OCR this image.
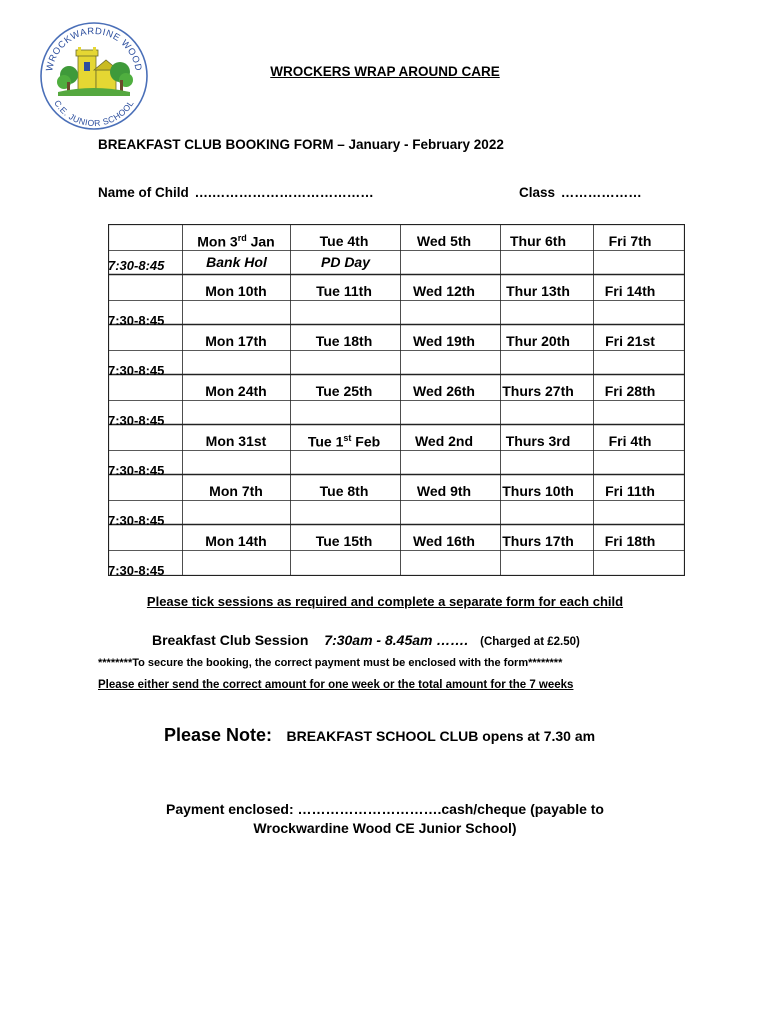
WROCKWARDINE WOOD
C.E. JUNIOR SCHOOL
WROCKERS WRAP AROUND CARE
BREAKFAST CLUB BOOKING FORM – January - February 2022
Name of Child ….………………………………	Class ………………
Mon 3rd Jan	Tue 4th	Wed 5th	Thur 6th	Fri 7th
7:30-8:45	Bank Hol	PD Day
Mon 10th	Tue 11th	Wed 12th Thur 13th Fri 14th
7:30-8:45
Mon 17th	Tue 18th	Wed 19th Thur 20th	Fri 21st
7:30-8:45
Mon 24th	Tue 25th	Wed 26th Thurs 27th Fri 28th
7:30-8:45
Mon 31st	Tue 1st Feb Wed 2nd Thurs 3rd	Fri 4th
7:30-8:45
Mon 7th	Tue 8th	Wed 9th Thurs 10th Fri 11th
7:30-8:45
Mon 14th	Tue 15th	Wed 16th Thurs 17th Fri 18th
7:30-8:45
Please tick sessions as required and complete a separate form for each child
Breakfast Club Session 7:30am - 8.45am ……. (Charged at £2.50)
********To secure the booking, the correct payment must be enclosed with the form********
Please either send the correct amount for one week or the total amount for the 7 weeks
Please Note: BREAKFAST SCHOOL CLUB opens at 7.30 am
Payment enclosed: ………………………….cash/cheque (payable to
Wrockwardine Wood CE Junior School)
